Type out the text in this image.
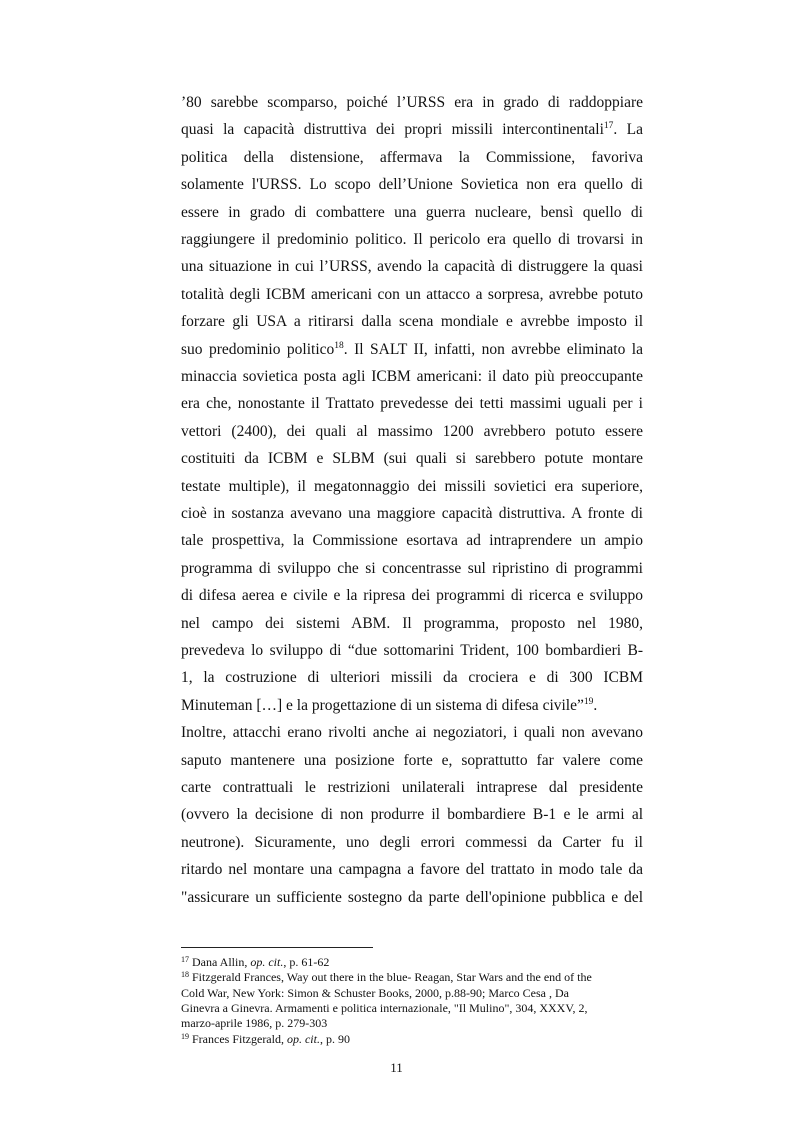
’80 sarebbe scomparso, poiché l’URSS era in grado di raddoppiare
quasi la capacità distruttiva dei propri missili intercontinentali$^{17}$. La
politica della distensione, affermava la Commissione, favoriva
solamente l'URSS. Lo scopo dell’Unione Sovietica non era quello di
essere in grado di combattere una guerra nucleare, bensì quello di
raggiungere il predominio politico. Il pericolo era quello di trovarsi in
una situazione in cui l’URSS, avendo la capacità di distruggere la quasi
totalità degli ICBM americani con un attacco a sorpresa, avrebbe potuto
forzare gli USA a ritirarsi dalla scena mondiale e avrebbe imposto il
suo predominio politico$^{18}$. Il SALT II, infatti, non avrebbe eliminato la
minaccia sovietica posta agli ICBM americani: il dato più preoccupante
era che, nonostante il Trattato prevedesse dei tetti massimi uguali per i
vettori (2400), dei quali al massimo 1200 avrebbero potuto essere
costituiti da ICBM e SLBM (sui quali si sarebbero potute montare
testate multiple), il megatonnaggio dei missili sovietici era superiore,
cioè in sostanza avevano una maggiore capacità distruttiva. A fronte di
tale prospettiva, la Commissione esortava ad intraprendere un ampio
programma di sviluppo che si concentrasse sul ripristino di programmi
di difesa aerea e civile e la ripresa dei programmi di ricerca e sviluppo
nel campo dei sistemi ABM. Il programma, proposto nel 1980,
prevedeva lo sviluppo di “due sottomarini Trident, 100 bombardieri B-
1, la costruzione di ulteriori missili da crociera e di 300 ICBM
Minuteman […] e la progettazione di un sistema di difesa civile”$^{19}$.
Inoltre, attacchi erano rivolti anche ai negoziatori, i quali non avevano
saputo mantenere una posizione forte e, soprattutto far valere come
carte contrattuali le restrizioni unilaterali intraprese dal presidente
(ovvero la decisione di non produrre il bombardiere B-1 e le armi al
neutrone). Sicuramente, uno degli errori commessi da Carter fu il
ritardo nel montare una campagna a favore del trattato in modo tale da
"assicurare un sufficiente sostegno da parte dell'opinione pubblica e del
$^{17}$ Dana Allin, op. cit., p. 61-62
$^{18}$ Fitzgerald Frances, Way out there in the blue- Reagan, Star Wars and the end of the
Cold War, New York: Simon & Schuster Books, 2000, p.88-90; Marco Cesa , Da
Ginevra a Ginevra. Armamenti e politica internazionale, "Il Mulino", 304, XXXV, 2,
marzo-aprile 1986, p. 279-303
$^{19}$ Frances Fitzgerald, op. cit., p. 90
11
